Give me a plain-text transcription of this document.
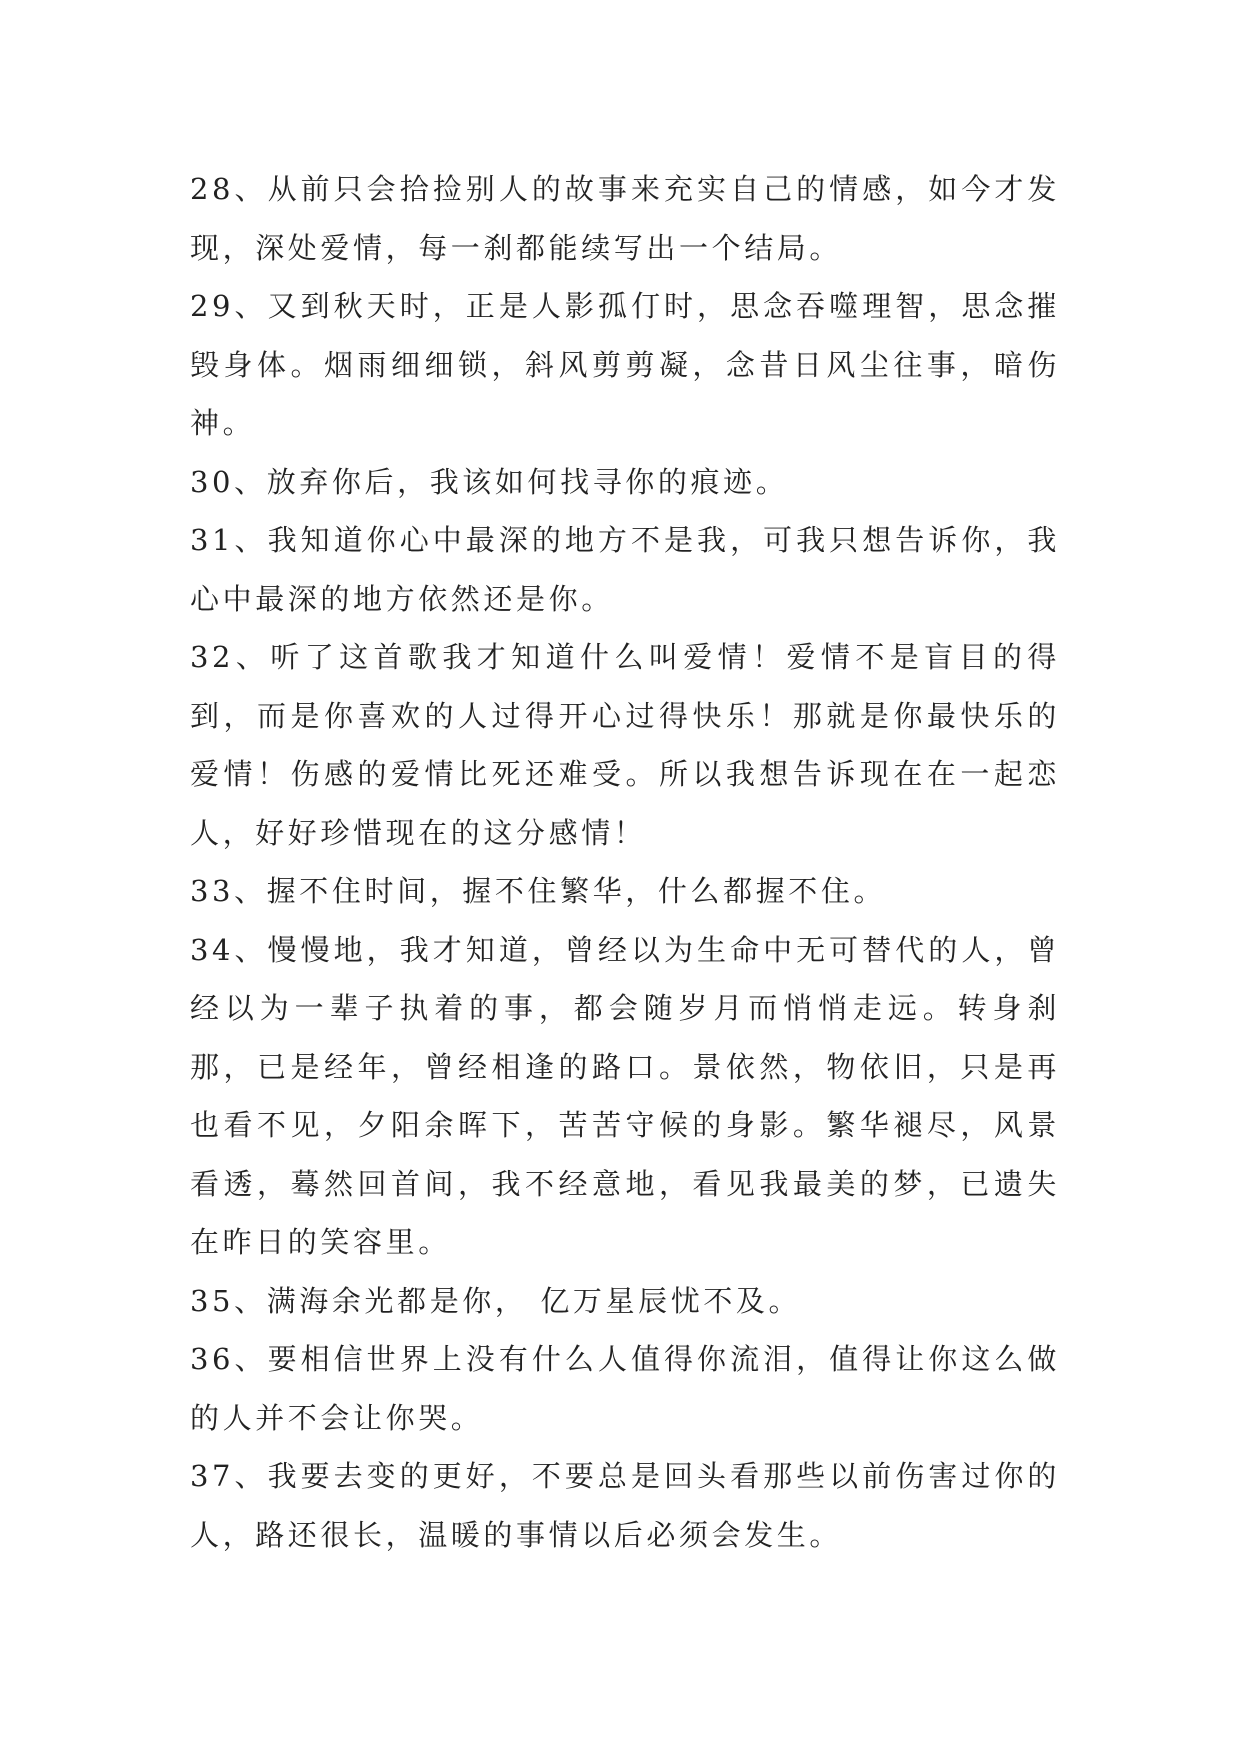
28、从前只会拾捡别人的故事来充实自己的情感，如今才发现，深处爱情，每一刹都能续写出一个结局。

29、又到秋天时，正是人影孤仃时，思念吞噬理智，思念摧毁身体。烟雨细细锁，斜风剪剪凝，念昔日风尘往事，暗伤神。

30、放弃你后，我该如何找寻你的痕迹。

31、我知道你心中最深的地方不是我，可我只想告诉你，我心中最深的地方依然还是你。

32、听了这首歌我才知道什么叫爱情！爱情不是盲目的得到，而是你喜欢的人过得开心过得快乐！那就是你最快乐的爱情！伤感的爱情比死还难受。所以我想告诉现在在一起恋人，好好珍惜现在的这分感情！

33、握不住时间，握不住繁华，什么都握不住。

34、慢慢地，我才知道，曾经以为生命中无可替代的人，曾经以为一辈子执着的事，都会随岁月而悄悄走远。转身刹那，已是经年，曾经相逢的路口。景依然，物依旧，只是再也看不见，夕阳余晖下，苦苦守候的身影。繁华褪尽，风景看透，蓦然回首间，我不经意地，看见我最美的梦，已遗失在昨日的笑容里。

35、满海余光都是你， 亿万星辰忧不及。

36、要相信世界上没有什么人值得你流泪，值得让你这么做的人并不会让你哭。

37、我要去变的更好，不要总是回头看那些以前伤害过你的人，路还很长，温暖的事情以后必须会发生。
